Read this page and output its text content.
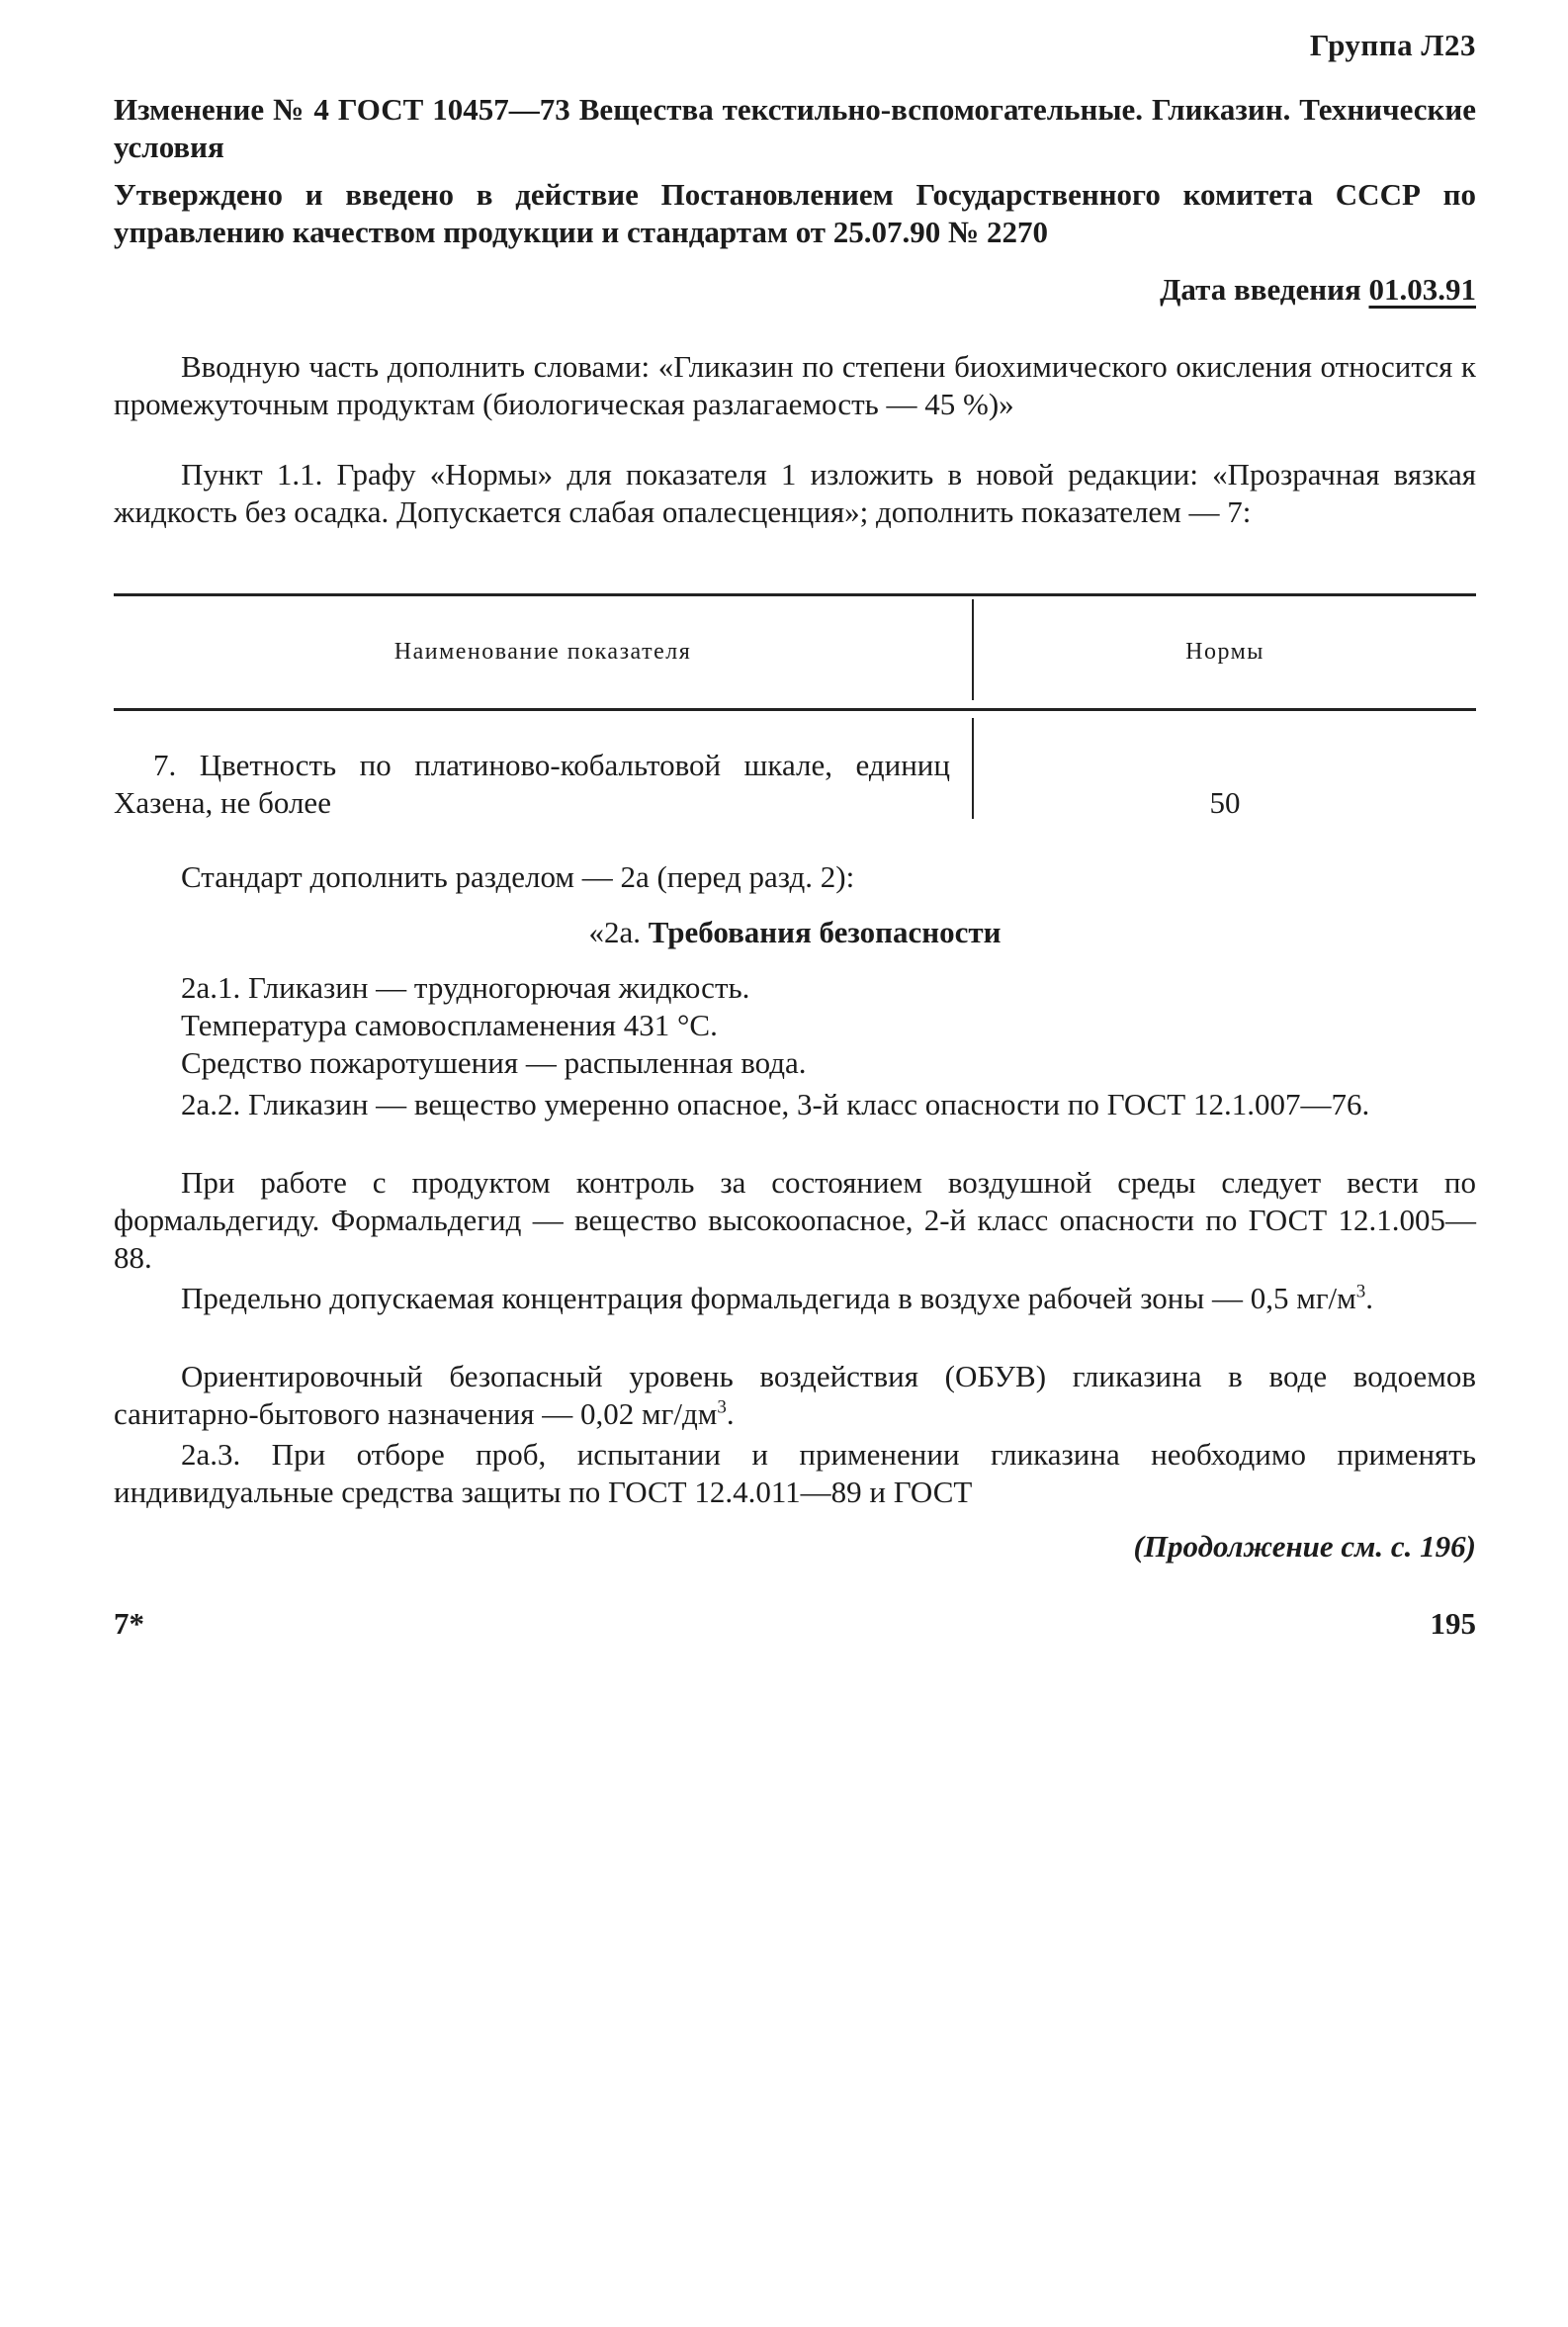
Группа Л23
Изменение № 4 ГОСТ 10457—73 Вещества текстильно-вспомогательные. Гликазин. Технические условия
Утверждено и введено в действие Постановлением Государственного комитета СССР по управлению качеством продукции и стандартам от 25.07.90 № 2270
Дата введения 01.03.91
Вводную часть дополнить словами: «Гликазин по степени биохимического окисления относится к промежуточным продуктам (биологическая разлагаемость — 45 %)»
Пункт 1.1. Графу «Нормы» для показателя 1 изложить в новой редакции: «Прозрачная вязкая жидкость без осадка. Допускается слабая опалесценция»; дополнить показателем — 7:
Наименование показателя	Нормы
7. Цветность по платиново-кобальтовой шкале, единиц Хазена, не более	50
Стандарт дополнить разделом — 2а (перед разд. 2):
«2а. Требования безопасности
2а.1. Гликазин — трудногорючая жидкость.
Температура самовоспламенения 431 °С.
Средство пожаротушения — распыленная вода.
2а.2. Гликазин — вещество умеренно опасное, 3-й класс опасности по ГОСТ 12.1.007—76.
При работе с продуктом контроль за состоянием воздушной среды следует вести по формальдегиду. Формальдегид — вещество высокоопасное, 2-й класс опасности по ГОСТ 12.1.005—88.
Предельно допускаемая концентрация формальдегида в воздухе рабочей зоны — 0,5 $мг/м^3$.
Ориентировочный безопасный уровень воздействия (ОБУВ) гликазина в воде водоемов санитарно-бытового назначения — 0,02 $мг/дм^3$.
2а.3. При отборе проб, испытании и применении гликазина необходимо применять индивидуальные средства защиты по ГОСТ 12.4.011—89 и ГОСТ
(Продолжение см. с. 196)
7*	195
